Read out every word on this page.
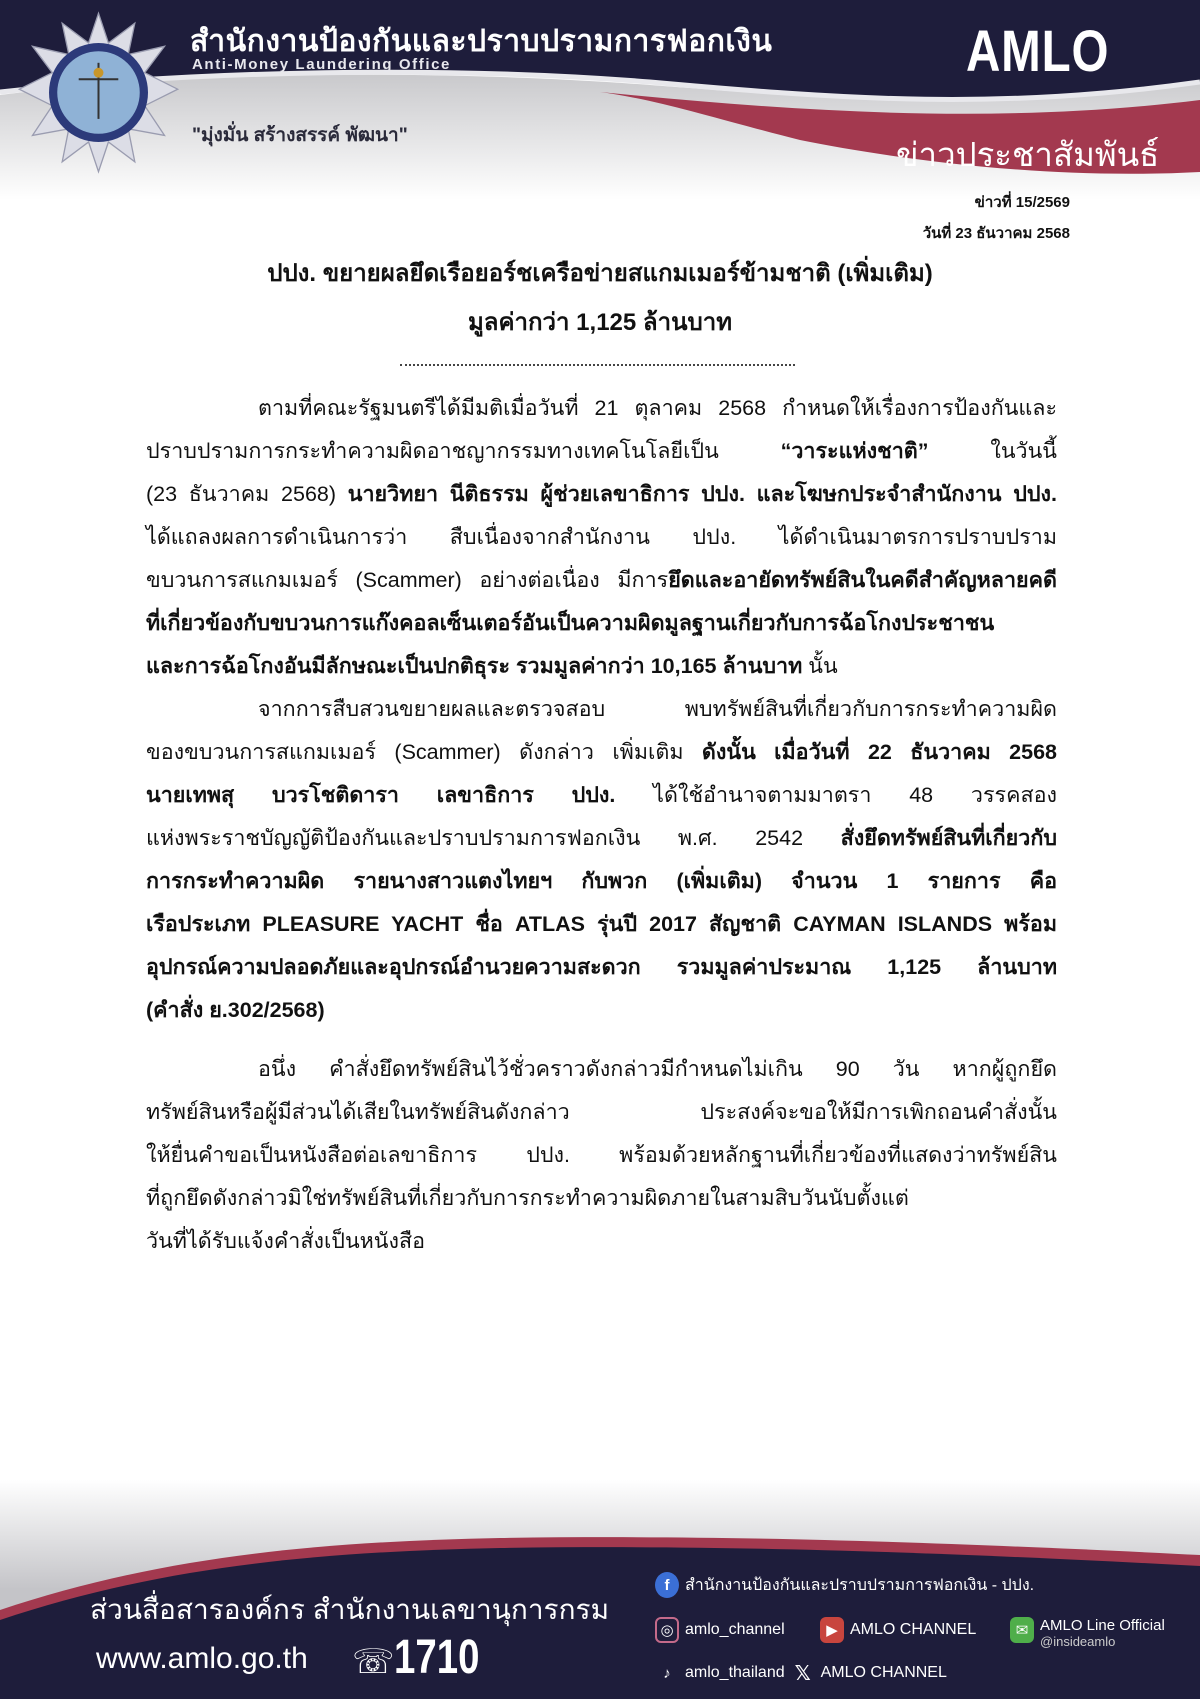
สำนักงานป้องกันและปราบปรามการฟอกเงิน
Anti-Money Laundering Office
"มุ่งมั่น สร้างสรรค์ พัฒนา"
AMLO
ข่าวประชาสัมพันธ์
ข่าวที่ 15/2569
วันที่ 23 ธันวาคม 2568
ปปง. ขยายผลยึดเรือยอร์ชเครือข่ายสแกมเมอร์ข้ามชาติ (เพิ่มเติม)
มูลค่ากว่า 1,125 ล้านบาท
ตามที่คณะรัฐมนตรีได้มีมติเมื่อวันที่ 21 ตุลาคม 2568 กำหนดให้เรื่องการป้องกันและ
ปราบปรามการกระทำความผิดอาชญากรรมทางเทคโนโลยีเป็น “วาระแห่งชาติ” ในวันนี้
(23 ธันวาคม 2568) นายวิทยา นีติธรรม ผู้ช่วยเลขาธิการ ปปง. และโฆษกประจำสำนักงาน ปปง.
ได้แถลงผลการดำเนินการว่า สืบเนื่องจากสำนักงาน ปปง. ได้ดำเนินมาตรการปราบปราม
ขบวนการสแกมเมอร์ (Scammer) อย่างต่อเนื่อง มีการยึดและอายัดทรัพย์สินในคดีสำคัญหลายคดี
ที่เกี่ยวข้องกับขบวนการแก๊งคอลเซ็นเตอร์อันเป็นความผิดมูลฐานเกี่ยวกับการฉ้อโกงประชาชน
และการฉ้อโกงอันมีลักษณะเป็นปกติธุระ รวมมูลค่ากว่า 10,165 ล้านบาท นั้น
จากการสืบสวนขยายผลและตรวจสอบ พบทรัพย์สินที่เกี่ยวกับการกระทำความผิด
ของขบวนการสแกมเมอร์ (Scammer) ดังกล่าว เพิ่มเติม ดังนั้น เมื่อวันที่ 22 ธันวาคม 2568
นายเทพสุ บวรโชติดารา เลขาธิการ ปปง. ได้ใช้อำนาจตามมาตรา 48 วรรคสอง
แห่งพระราชบัญญัติป้องกันและปราบปรามการฟอกเงิน พ.ศ. 2542 สั่งยึดทรัพย์สินที่เกี่ยวกับ
การกระทำความผิด รายนางสาวแตงไทยฯ กับพวก (เพิ่มเติม) จำนวน 1 รายการ คือ
เรือประเภท PLEASURE YACHT ชื่อ ATLAS รุ่นปี 2017 สัญชาติ CAYMAN ISLANDS พร้อม
อุปกรณ์ความปลอดภัยและอุปกรณ์อำนวยความสะดวก รวมมูลค่าประมาณ 1,125 ล้านบาท
(คำสั่ง ย.302/2568)
อนึ่ง คำสั่งยึดทรัพย์สินไว้ชั่วคราวดังกล่าวมีกำหนดไม่เกิน 90 วัน หากผู้ถูกยึด
ทรัพย์สินหรือผู้มีส่วนได้เสียในทรัพย์สินดังกล่าว ประสงค์จะขอให้มีการเพิกถอนคำสั่งนั้น
ให้ยื่นคำขอเป็นหนังสือต่อเลขาธิการ ปปง. พร้อมด้วยหลักฐานที่เกี่ยวข้องที่แสดงว่าทรัพย์สิน
ที่ถูกยึดดังกล่าวมิใช่ทรัพย์สินที่เกี่ยวกับการกระทำความผิดภายในสามสิบวันนับตั้งแต่
วันที่ได้รับแจ้งคำสั่งเป็นหนังสือ
ส่วนสื่อสารองค์กร สำนักงานเลขานุการกรม
www.amlo.go.th ☏ 1710
f สำนักงานป้องกันและปราบปรามการฟอกเงิน - ปปง.
◎ amlo_channel	▶ AMLO CHANNEL	✉ AMLO Line Official
@insideamlo
♪ amlo_thailand 𝕏 AMLO CHANNEL
